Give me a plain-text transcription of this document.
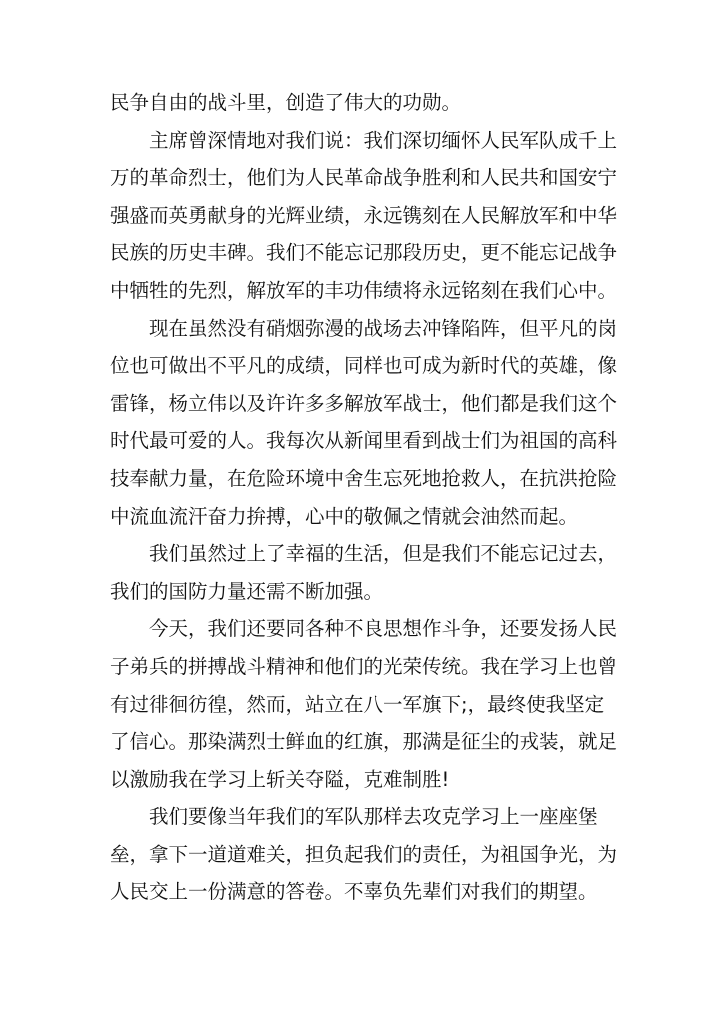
民争自由的战斗里，创造了伟大的功勋。
主席曾深情地对我们说：我们深切缅怀人民军队成千上
万的革命烈士，他们为人民革命战争胜利和人民共和国安宁
强盛而英勇献身的光辉业绩，永远镌刻在人民解放军和中华
民族的历史丰碑。我们不能忘记那段历史，更不能忘记战争
中牺牲的先烈，解放军的丰功伟绩将永远铭刻在我们心中。
现在虽然没有硝烟弥漫的战场去冲锋陷阵，但平凡的岗
位也可做出不平凡的成绩，同样也可成为新时代的英雄，像
雷锋，杨立伟以及许许多多解放军战士，他们都是我们这个
时代最可爱的人。我每次从新闻里看到战士们为祖国的高科
技奉献力量，在危险环境中舍生忘死地抢救人，在抗洪抢险
中流血流汗奋力拚搏，心中的敬佩之情就会油然而起。
我们虽然过上了幸福的生活，但是我们不能忘记过去，
我们的国防力量还需不断加强。
今天，我们还要同各种不良思想作斗争，还要发扬人民
子弟兵的拼搏战斗精神和他们的光荣传统。我在学习上也曾
有过徘徊彷徨，然而，站立在八一军旗下;，最终使我坚定
了信心。那染满烈士鲜血的红旗，那满是征尘的戎装，就足
以激励我在学习上斩关夺隘，克难制胜!
我们要像当年我们的军队那样去攻克学习上一座座堡
垒，拿下一道道难关，担负起我们的责任，为祖国争光，为
人民交上一份满意的答卷。不辜负先辈们对我们的期望。
